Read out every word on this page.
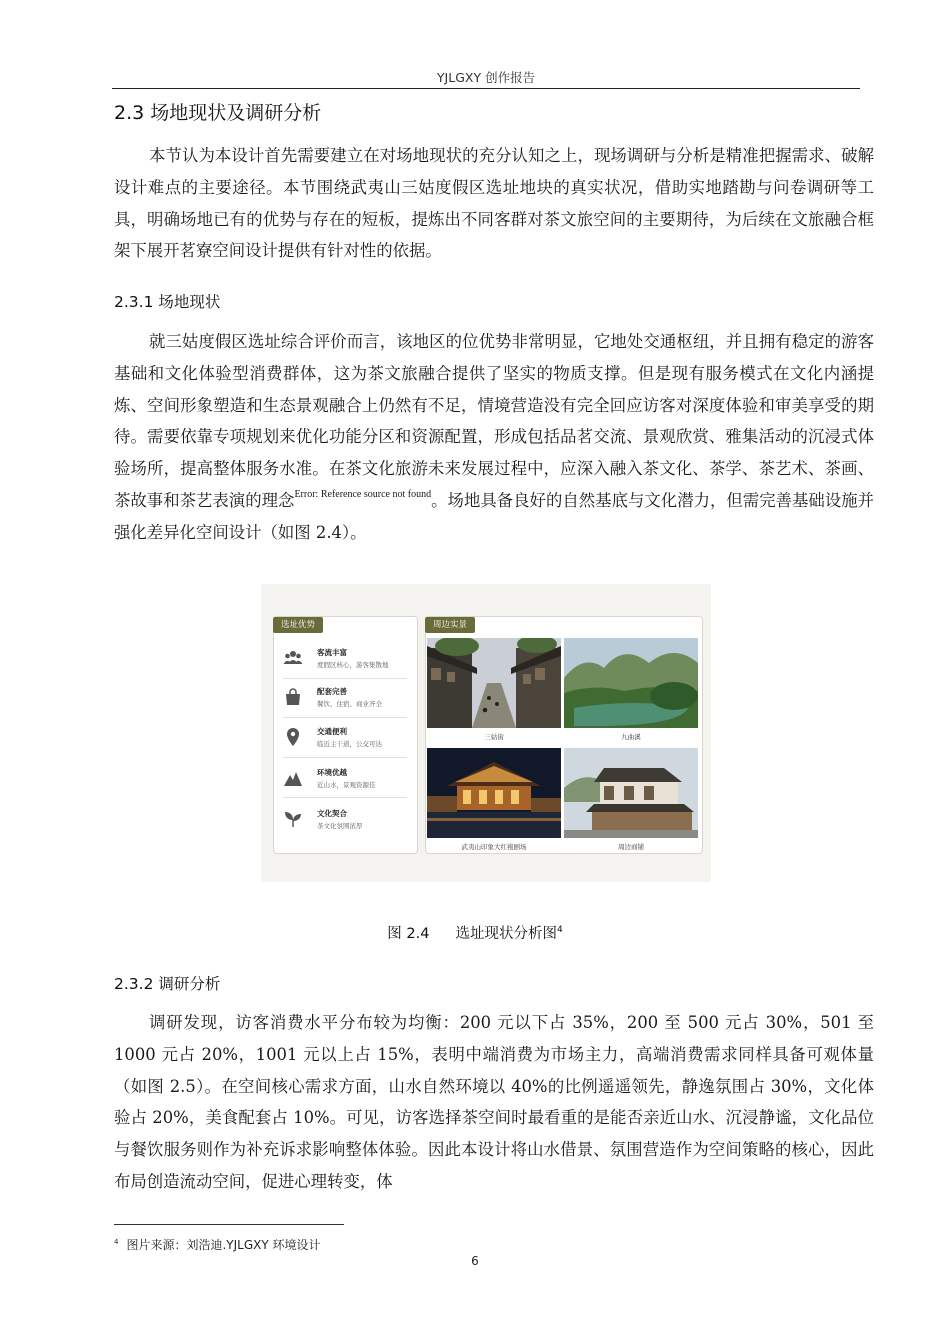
YJLGXY 创作报告
2.3 场地现状及调研分析

本节认为本设计首先需要建立在对场地现状的充分认知之上，现场调研与分析是精准把握需求、破解设计难点的主要途径。本节围绕武夷山三姑度假区选址地块的真实状况，借助实地踏勘与问卷调研等工具，明确场地已有的优势与存在的短板，提炼出不同客群对茶文旅空间的主要期待，为后续在文旅融合框架下展开茗寮空间设计提供有针对性的依据。

2.3.1 场地现状

就三姑度假区选址综合评价而言，该地区的位优势非常明显，它地处交通枢纽，并且拥有稳定的游客基础和文化体验型消费群体，这为茶文旅融合提供了坚实的物质支撑。但是现有服务模式在文化内涵提炼、空间形象塑造和生态景观融合上仍然有不足，情境营造没有完全回应访客对深度体验和审美享受的期待。需要依靠专项规划来优化功能分区和资源配置，形成包括品茗交流、景观欣赏、雅集活动的沉浸式体验场所，提高整体服务水准。在茶文化旅游未来发展过程中，应深入融入茶文化、茶学、茶艺术、茶画、茶故事和茶艺表演的理念$^{Error: Reference source not found}$。场地具备良好的自然基底与文化潜力，但需完善基础设施并强化差异化空间设计（如图 2.4）。

选址优势	周边实景
客流丰富
度假区核心，游客集散地
配套完善
餐饮、住宿、商业齐全
交通便利
临近主干道，公交可达
环境优越
近山水，景观资源佳
文化契合
茶文化氛围浓厚
三姑街	九曲溪
武夷山印象大红袍剧场	周边商铺
图 2.4 选址现状分析图$^4$
2.3.2 调研分析

调研发现，访客消费水平分布较为均衡：200 元以下占 35%，200 至 500 元占 30%，501 至 1000 元占 20%，1001 元以上占 15%，表明中端消费为市场主力，高端消费需求同样具备可观体量（如图 2.5）。在空间核心需求方面，山水自然环境以 40%的比例遥遥领先，静逸氛围占 30%，文化体验占 20%，美食配套占 10%。可见，访客选择茶空间时最看重的是能否亲近山水、沉浸静谧，文化品位与餐饮服务则作为补充诉求影响整体体验。因此本设计将山水借景、氛围营造作为空间策略的核心，因此布局创造流动空间，促进心理转变，体

$^4$ 图片来源：刘浩迪.YJLGXY 环境设计
6
